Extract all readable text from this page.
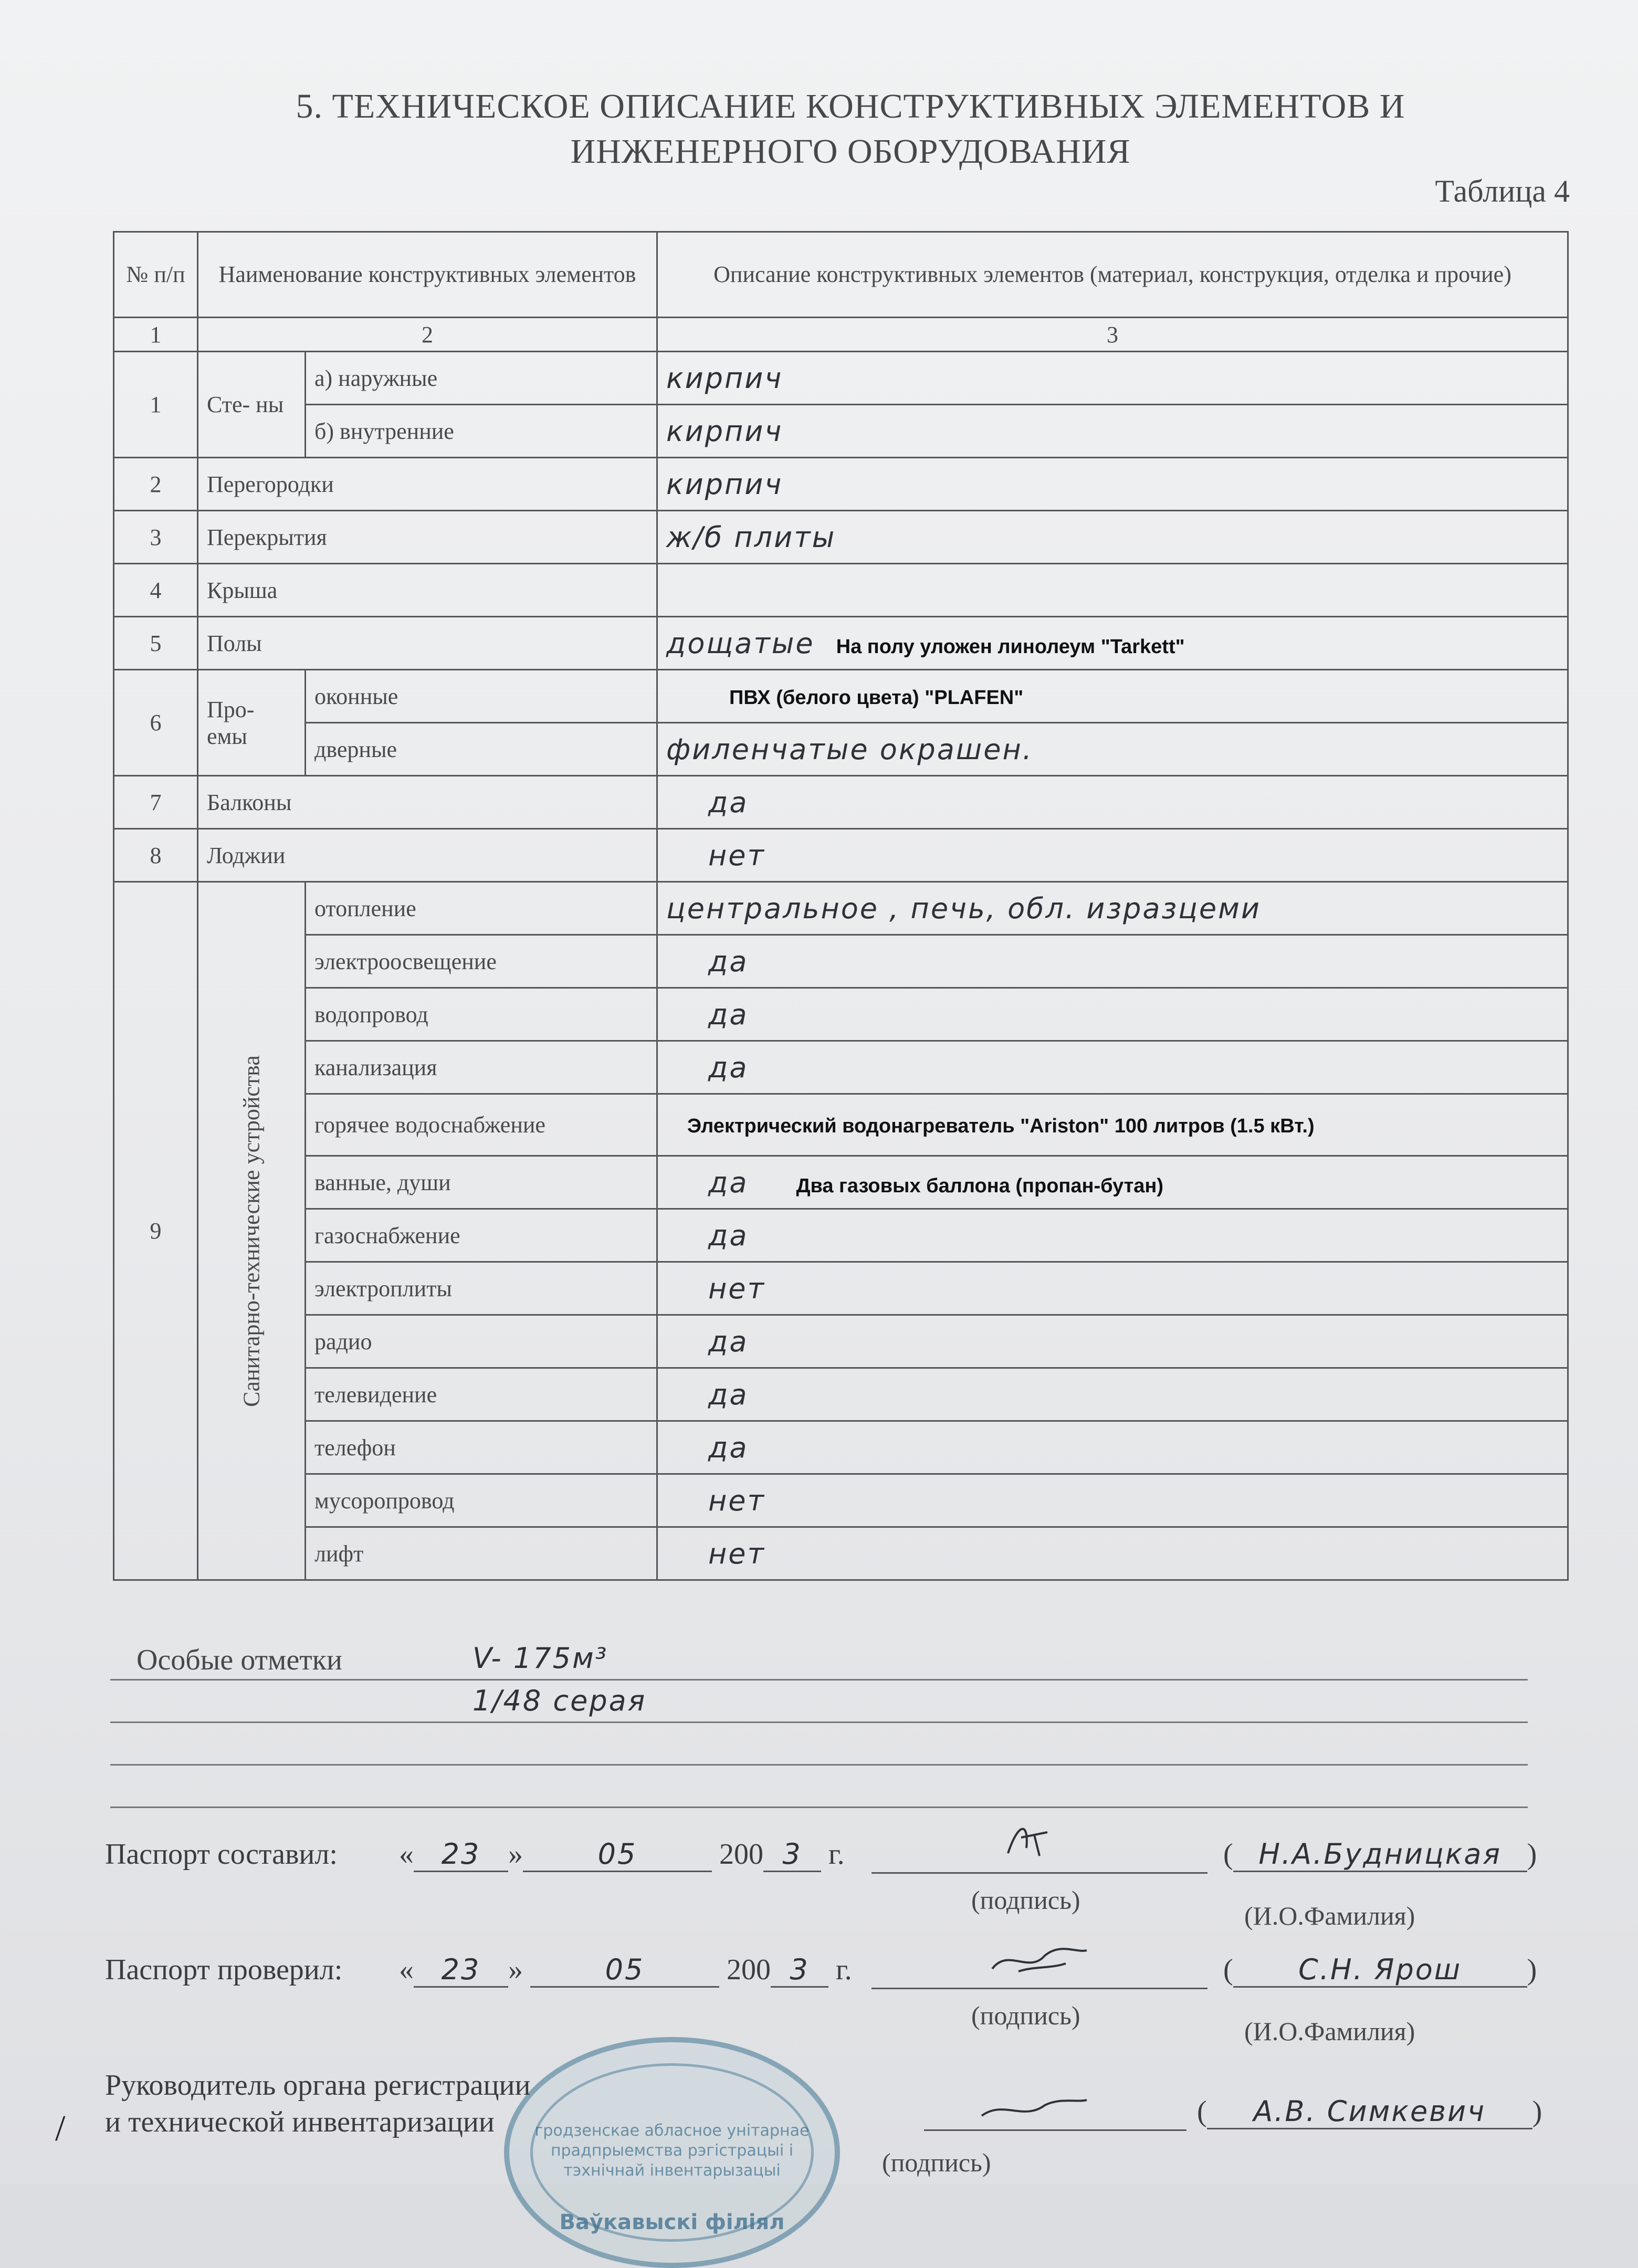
5. ТЕХНИЧЕСКОЕ ОПИСАНИЕ КОНСТРУКТИВНЫХ ЭЛЕМЕНТОВ И
ИНЖЕНЕРНОГО ОБОРУДОВАНИЯ
Таблица 4
№ п/п	Наименование конструктивных элементов		Описание конструктивных элементов (материал, конструкция, отделка и прочие)
1	2		3
1	Сте- ны	а) наружные	кирпич
		б) внутренние	кирпич
2	Перегородки		кирпич
3	Перекрытия		ж/б плиты
4	Крыша		
5	Полы		дощатые На полу уложен линолеум "Tarkett"
6	Про- емы	оконные	ПВХ (белого цвета) "PLAFEN"
		дверные	филенчатые окрашен.
7	Балконы		да
8	Лоджии		нет
9	Санитарно-технические устройства	отопление	центральное , печь, обл. изразцеми
		электроосвещение	да
		водопровод	да
		канализация	да
		горячее водоснабжение	Электрический водонагреватель "Ariston" 100 литров (1.5 кВт.)
		ванные, души	да Два газовых баллона (пропан-бутан)
		газоснабжение	да
		электроплиты	нет
		радио	да
		телевидение	да
		телефон	да
		мусоропровод	нет
		лифт	нет
Особые отметки	V- 175м³
1/48 серая
Паспорт составил: « 23 »	05	200 3 г.	( Н.А.Будницкая )
(подпись)
(И.О.Фамилия)
Паспорт проверил: « 23 »	05	200 3 г.	( С.Н. Ярош )
(подпись)
(И.О.Фамилия)
гродзенскае абласное унітарнае прадпрыемства рэгістрацыі і тэхнічнай інвентарызацыі
Ваўкавыскі філіял
Руководитель органа регистрации
и технической инвентаризации	( А.В. Симкевич )
(подпись)
/
